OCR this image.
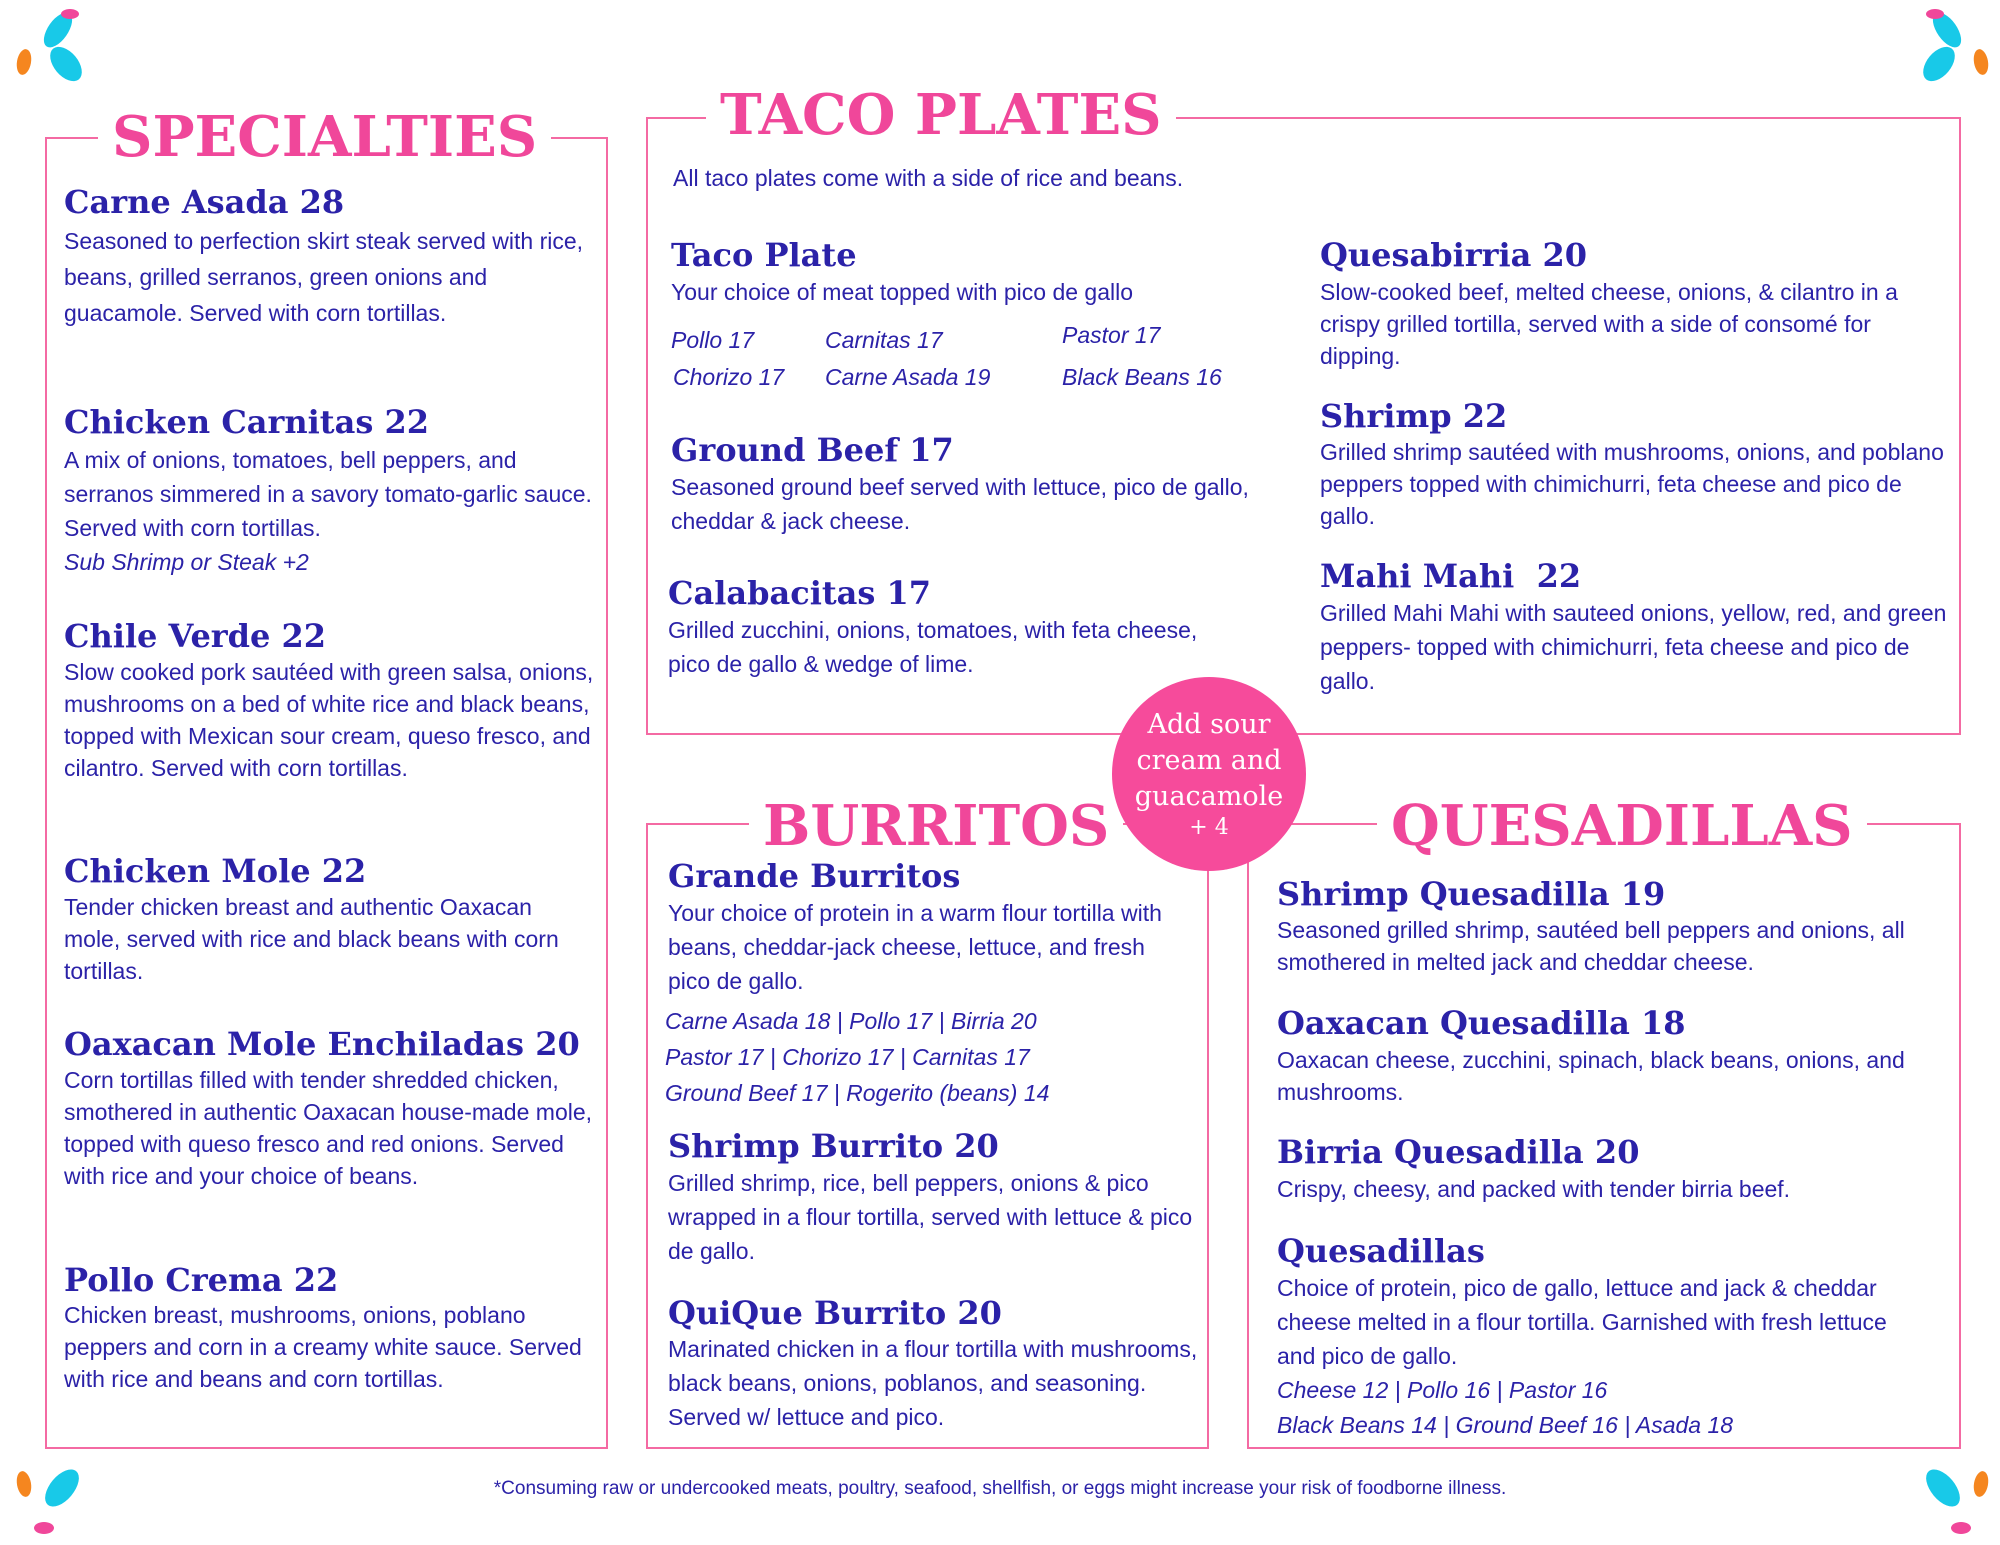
SPECIALTIES
Carne Asada 28
Seasoned to perfection skirt steak served with rice, beans, grilled serranos, green onions and guacamole. Served with corn tortillas.
Chicken Carnitas 22
A mix of onions, tomatoes, bell peppers, and serranos simmered in a savory tomato-garlic sauce. Served with corn tortillas.
Sub Shrimp or Steak +2
Chile Verde 22
Slow cooked pork sautéed with green salsa, onions, mushrooms on a bed of white rice and black beans, topped with Mexican sour cream, queso fresco, and cilantro. Served with corn tortillas.
Chicken Mole 22
Tender chicken breast and authentic Oaxacan mole, served with rice and black beans with corn tortillas.
Oaxacan Mole Enchiladas 20
Corn tortillas filled with tender shredded chicken, smothered in authentic Oaxacan house-made mole, topped with queso fresco and red onions. Served with rice and your choice of beans.
Pollo Crema 22
Chicken breast, mushrooms, onions, poblano peppers and corn in a creamy white sauce. Served with rice and beans and corn tortillas.
TACO PLATES
All taco plates come with a side of rice and beans.
Taco Plate
Your choice of meat topped with pico de gallo
Pollo 17	Carnitas 17	Pastor 17
Chorizo 17 Carne Asada 19	Black Beans 16
Ground Beef 17
Seasoned ground beef served with lettuce, pico de gallo, cheddar & jack cheese.
Calabacitas 17
Grilled zucchini, onions, tomatoes, with feta cheese, pico de gallo & wedge of lime.
Quesabirria 20
Slow-cooked beef, melted cheese, onions, & cilantro in a crispy grilled tortilla, served with a side of consomé for dipping.
Shrimp 22
Grilled shrimp sautéed with mushrooms, onions, and poblano peppers topped with chimichurri, feta cheese and pico de gallo.
Mahi Mahi  22
Grilled Mahi Mahi with sauteed onions, yellow, red, and green peppers- topped with chimichurri, feta cheese and pico de gallo.
BURRITOS
Grande Burritos
Your choice of protein in a warm flour tortilla with beans, cheddar-jack cheese, lettuce, and fresh pico de gallo.
Carne Asada 18 | Pollo 17 | Birria 20
Pastor 17 | Chorizo 17 | Carnitas 17
Ground Beef 17 | Rogerito (beans) 14
Shrimp Burrito 20
Grilled shrimp, rice, bell peppers, onions & pico wrapped in a flour tortilla, served with lettuce & pico de gallo.
QuiQue Burrito 20
Marinated chicken in a flour tortilla with mushrooms, black beans, onions, poblanos, and seasoning. Served w/ lettuce and pico.
QUESADILLAS
Shrimp Quesadilla 19
Seasoned grilled shrimp, sautéed bell peppers and onions, all smothered in melted jack and cheddar cheese.
Oaxacan Quesadilla 18
Oaxacan cheese, zucchini, spinach, black beans, onions, and mushrooms.
Birria Quesadilla 20
Crispy, cheesy, and packed with tender birria beef.
Quesadillas
Choice of protein, pico de gallo, lettuce and jack & cheddar cheese melted in a flour tortilla. Garnished with fresh lettuce and pico de gallo.
Cheese 12 | Pollo 16 | Pastor 16
Black Beans 14 | Ground Beef 16 | Asada 18
Add sour cream and guacamole
+ 4
*Consuming raw or undercooked meats, poultry, seafood, shellfish, or eggs might increase your risk of foodborne illness.
